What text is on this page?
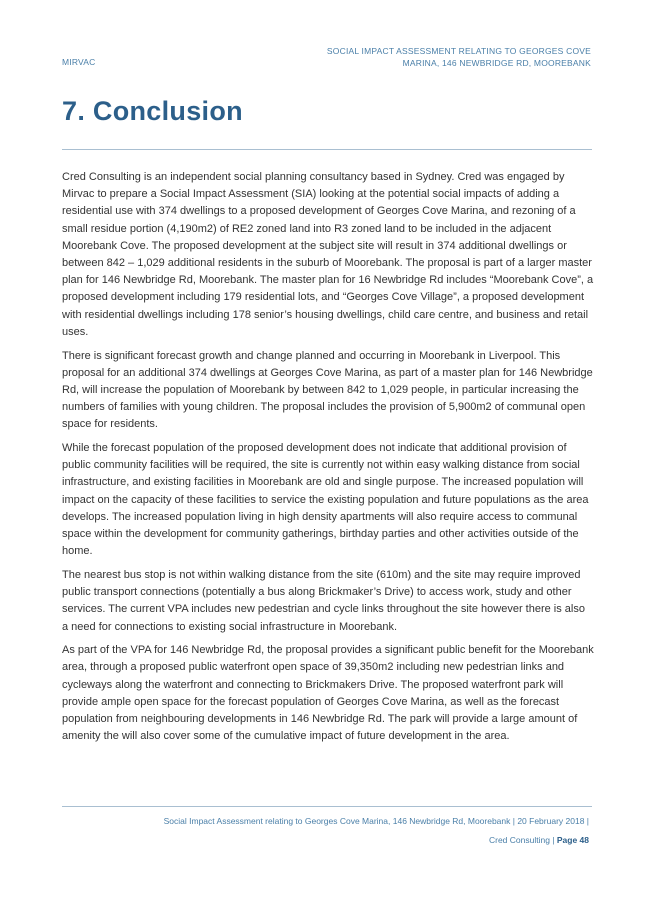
MIRVAC
SOCIAL IMPACT ASSESSMENT RELATING TO GEORGES COVE
MARINA, 146 NEWBRIDGE RD, MOOREBANK
7. Conclusion

Cred Consulting is an independent social planning consultancy based in Sydney. Cred was engaged by Mirvac to prepare a Social Impact Assessment (SIA) looking at the potential social impacts of adding a residential use with 374 dwellings to a proposed development of Georges Cove Marina, and rezoning of a small residue portion (4,190m2) of RE2 zoned land into R3 zoned land to be included in the adjacent Moorebank Cove. The proposed development at the subject site will result in 374 additional dwellings or between 842 – 1,029 additional residents in the suburb of Moorebank. The proposal is part of a larger master plan for 146 Newbridge Rd, Moorebank. The master plan for 16 Newbridge Rd includes “Moorebank Cove”, a proposed development including 179 residential lots, and “Georges Cove Village”, a proposed development with residential dwellings including 178 senior’s housing dwellings, child care centre, and business and retail uses.

There is significant forecast growth and change planned and occurring in Moorebank in Liverpool. This proposal for an additional 374 dwellings at Georges Cove Marina, as part of a master plan for 146 Newbridge Rd, will increase the population of Moorebank by between 842 to 1,029 people, in particular increasing the numbers of families with young children. The proposal includes the provision of 5,900m2 of communal open space for residents.

While the forecast population of the proposed development does not indicate that additional provision of public community facilities will be required, the site is currently not within easy walking distance from social infrastructure, and existing facilities in Moorebank are old and single purpose. The increased population will impact on the capacity of these facilities to service the existing population and future populations as the area develops. The increased population living in high density apartments will also require access to communal space within the development for community gatherings, birthday parties and other activities outside of the home.

The nearest bus stop is not within walking distance from the site (610m) and the site may require improved public transport connections (potentially a bus along Brickmaker’s Drive) to access work, study and other services. The current VPA includes new pedestrian and cycle links throughout the site however there is also a need for connections to existing social infrastructure in Moorebank.

As part of the VPA for 146 Newbridge Rd, the proposal provides a significant public benefit for the Moorebank area, through a proposed public waterfront open space of 39,350m2 including new pedestrian links and cycleways along the waterfront and connecting to Brickmakers Drive. The proposed waterfront park will provide ample open space for the forecast population of Georges Cove Marina, as well as the forecast population from neighbouring developments in 146 Newbridge Rd. The park will provide a large amount of amenity the will also cover some of the cumulative impact of future development in the area.

Social Impact Assessment relating to Georges Cove Marina, 146 Newbridge Rd, Moorebank | 20 February 2018 |
Cred Consulting | Page 48
